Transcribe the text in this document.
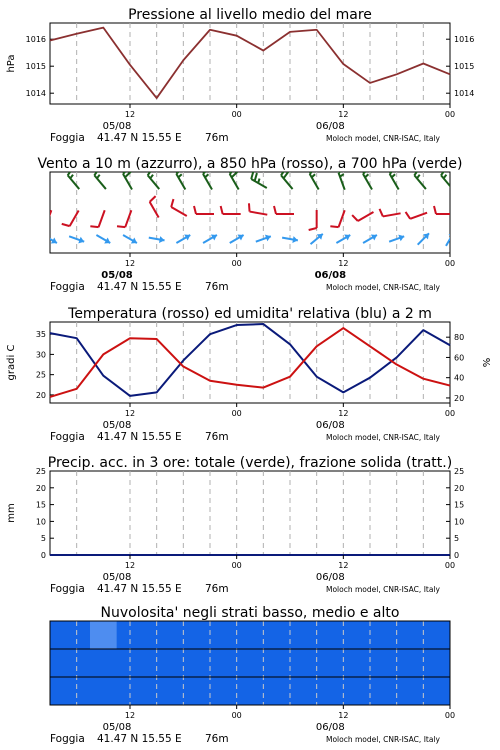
Pressione al livello medio del mare
1014
1015
1016
1014
1015
1016
hPa
12	00	12	00
05/08	06/08
Foggia 41.47 N 15.55 E 76m	Moloch model, CNR-ISAC, Italy
Vento a 10 m (azzurro), a 850 hPa (rosso), a 700 hPa (verde)
12	00	12	00
05/08	06/08
Foggia 41.47 N 15.55 E 76m	Moloch model, CNR-ISAC, Italy
Temperatura (rosso) ed umidita' relativa (blu) a 2 m
20
25
30
35
20
40
60
80
gradi C	%
12	00	12	00
05/08	06/08
Foggia 41.47 N 15.55 E 76m	Moloch model, CNR-ISAC, Italy
Precip. acc. in 3 ore: totale (verde), frazione solida (tratt.)
0
5
10
15
20
25
0
5
10
15
20
25
mm
12	00	12	00
05/08	06/08
Foggia 41.47 N 15.55 E 76m	Moloch model, CNR-ISAC, Italy
Nuvolosita' negli strati basso, medio e alto
12	00	12	00
05/08	06/08
Foggia 41.47 N 15.55 E 76m	Moloch model, CNR-ISAC, Italy
